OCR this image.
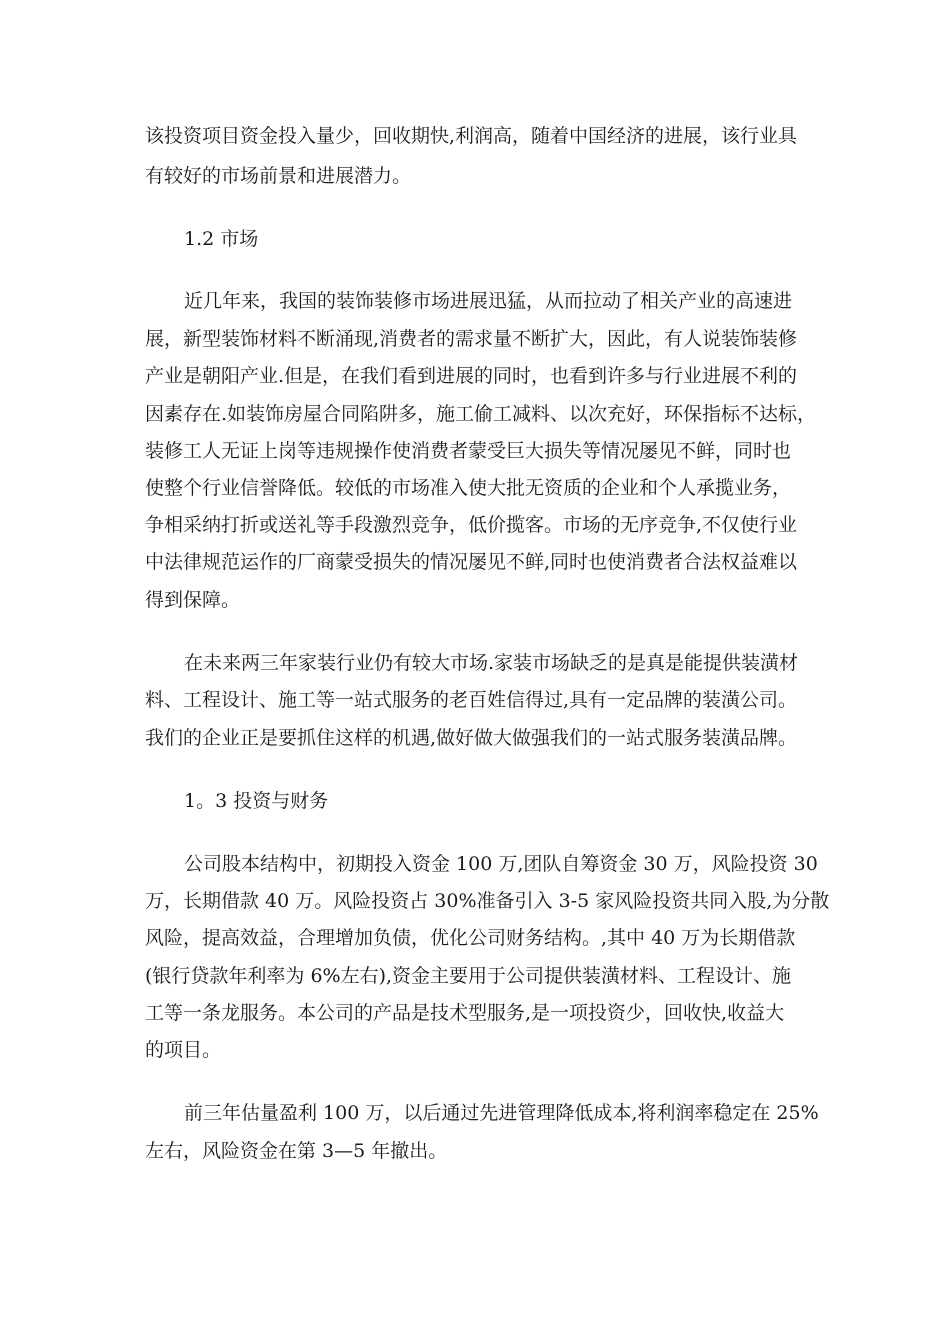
该投资项目资金投入量少，回收期快,利润高，随着中国经济的进展，该行业具
有较好的市场前景和进展潜力。
1.2 市场
近几年来，我国的装饰装修市场进展迅猛，从而拉动了相关产业的高速进
展，新型装饰材料不断涌现,消费者的需求量不断扩大，因此，有人说装饰装修
产业是朝阳产业.但是，在我们看到进展的同时，也看到许多与行业进展不利的
因素存在.如装饰房屋合同陷阱多，施工偷工减料、以次充好，环保指标不达标，
装修工人无证上岗等违规操作使消费者蒙受巨大损失等情况屡见不鲜，同时也
使整个行业信誉降低。较低的市场准入使大批无资质的企业和个人承揽业务，
争相采纳打折或送礼等手段激烈竞争，低价揽客。市场的无序竞争,不仅使行业
中法律规范运作的厂商蒙受损失的情况屡见不鲜,同时也使消费者合法权益难以
得到保障。
在未来两三年家装行业仍有较大市场.家装市场缺乏的是真是能提供装潢材
料、工程设计、施工等一站式服务的老百姓信得过,具有一定品牌的装潢公司。
我们的企业正是要抓住这样的机遇,做好做大做强我们的一站式服务装潢品牌。
1。3 投资与财务
公司股本结构中，初期投入资金 100 万,团队自筹资金 30 万，风险投资 30
万，长期借款 40 万。风险投资占 30%准备引入 3-5 家风险投资共同入股,为分散
风险，提高效益，合理增加负债，优化公司财务结构。,其中 40 万为长期借款
(银行贷款年利率为 6%左右),资金主要用于公司提供装潢材料、工程设计、施
工等一条龙服务。本公司的产品是技术型服务,是一项投资少，回收快,收益大
的项目。
前三年估量盈利 100 万，以后通过先进管理降低成本,将利润率稳定在 25%
左右，风险资金在第 3—5 年撤出。
